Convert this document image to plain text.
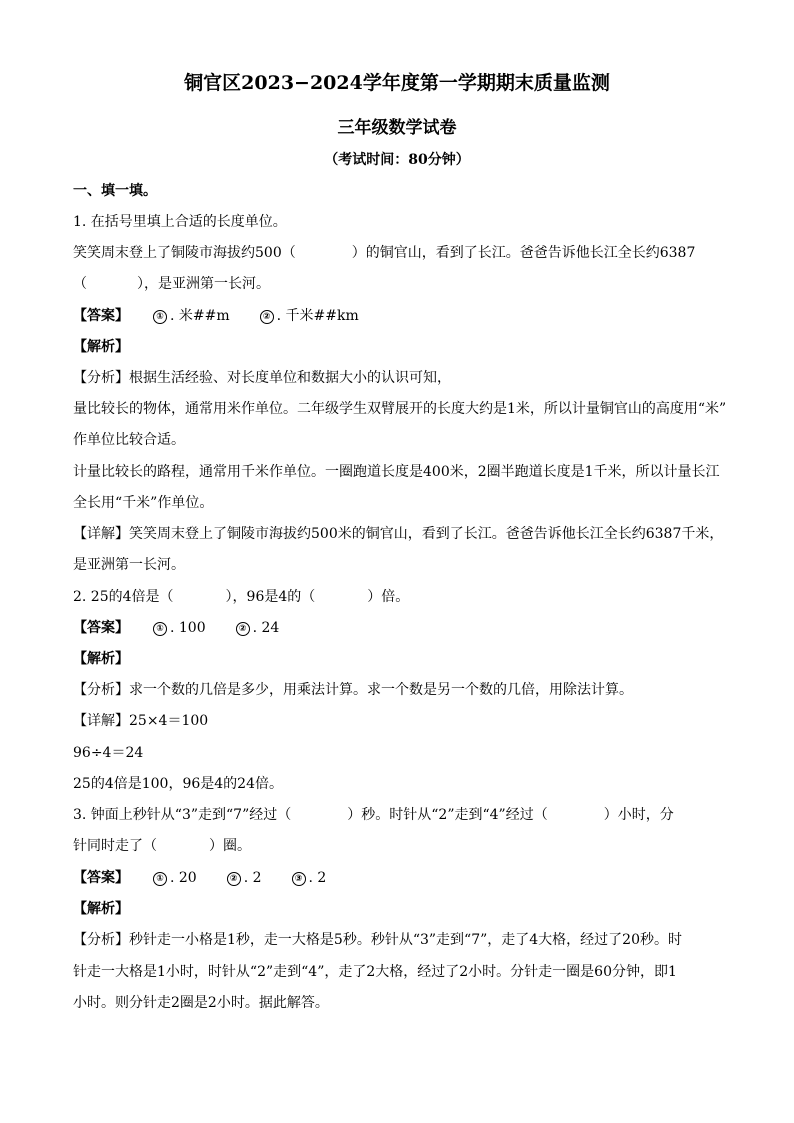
铜官区2023−2024学年度第一学期期末质量监测
三年级数学试卷
（考试时间：80分钟）
一、填一填。
1. 在括号里填上合适的长度单位。
笑笑周末登上了铜陵市海拔约500（	）的铜官山，看到了长江。爸爸告诉他长江全长约6387
（	），是亚洲第一长河。
【答案】	① . 米##m	② . 千米##km
【解析】
【分析】根据生活经验、对长度单位和数据大小的认识可知，
量比较长的物体，通常用米作单位。二年级学生双臂展开的长度大约是1米，所以计量铜官山的高度用“米”
作单位比较合适。
计量比较长的路程，通常用千米作单位。一圈跑道长度是400米，2圈半跑道长度是1千米，所以计量长江
全长用“千米”作单位。
【详解】笑笑周末登上了铜陵市海拔约500米的铜官山，看到了长江。爸爸告诉他长江全长约6387千米，
是亚洲第一长河。
2. 25的4倍是（	），96是4的（	）倍。
【答案】	① . 100	② . 24
【解析】
【分析】求一个数的几倍是多少，用乘法计算。求一个数是另一个数的几倍，用除法计算。
【详解】25×4＝100
96÷4＝24
25的4倍是100，96是4的24倍。
3. 钟面上秒针从“3”走到“7”经过（	）秒。时针从“2”走到“4”经过（	）小时，分
针同时走了（	）圈。
【答案】	① . 20	② . 2	③ . 2
【解析】
【分析】秒针走一小格是1秒，走一大格是5秒。秒针从“3”走到“7”，走了4大格，经过了20秒。时
针走一大格是1小时，时针从“2”走到“4”，走了2大格，经过了2小时。分针走一圈是60分钟，即1
小时。则分针走2圈是2小时。据此解答。
